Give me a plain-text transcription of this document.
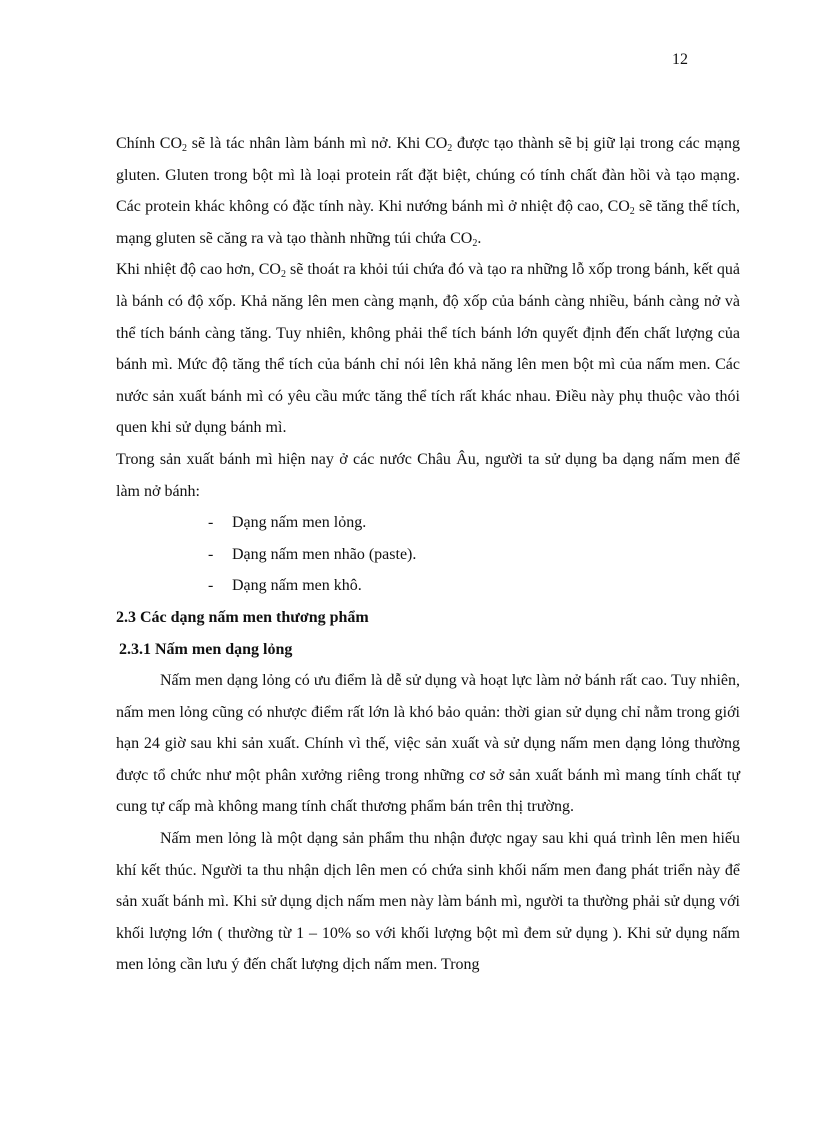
12

Chính $CO_2$ sẽ là tác nhân làm bánh mì nở. Khi $CO_2$ được tạo thành sẽ bị giữ lại trong các mạng gluten. Gluten trong bột mì là loại protein rất đặt biệt, chúng có tính chất đàn hồi và tạo mạng. Các protein khác không có đặc tính này. Khi nướng bánh mì ở nhiệt độ cao, $CO_2$ sẽ tăng thể tích, mạng gluten sẽ căng ra và tạo thành những túi chứa $CO_2$.

Khi nhiệt độ cao hơn, $CO_2$ sẽ thoát ra khỏi túi chứa đó và tạo ra những lỗ xốp trong bánh, kết quả là bánh có độ xốp. Khả năng lên men càng mạnh, độ xốp của bánh càng nhiều, bánh càng nở và thể tích bánh càng tăng. Tuy nhiên, không phải thể tích bánh lớn quyết định đến chất lượng của bánh mì. Mức độ tăng thể tích của bánh chỉ nói lên khả năng lên men bột mì của nấm men. Các nước sản xuất bánh mì có yêu cầu mức tăng thể tích rất khác nhau. Điều này phụ thuộc vào thói quen khi sử dụng bánh mì.

Trong sản xuất bánh mì hiện nay ở các nước Châu Âu, người ta sử dụng ba dạng nấm men để làm nở bánh:

- Dạng nấm men lỏng.
- Dạng nấm men nhão (paste).
- Dạng nấm men khô.

2.3 Các dạng nấm men thương phẩm

2.3.1 Nấm men dạng lỏng

Nấm men dạng lỏng có ưu điểm là dễ sử dụng và hoạt lực làm nở bánh rất cao. Tuy nhiên, nấm men lỏng cũng có nhược điểm rất lớn là khó bảo quản: thời gian sử dụng chỉ nằm trong giới hạn 24 giờ sau khi sản xuất. Chính vì thế, việc sản xuất và sử dụng nấm men dạng lỏng thường được tổ chức như một phân xưởng riêng trong những cơ sở sản xuất bánh mì mang tính chất tự cung tự cấp mà không mang tính chất thương phẩm bán trên thị trường.

Nấm men lỏng là một dạng sản phẩm thu nhận được ngay sau khi quá trình lên men hiếu khí kết thúc. Người ta thu nhận dịch lên men có chứa sinh khối nấm men đang phát triển này để sản xuất bánh mì. Khi sử dụng dịch nấm men này làm bánh mì, người ta thường phải sử dụng với khối lượng lớn ( thường từ 1 – 10% so với khối lượng bột mì đem sử dụng ). Khi sử dụng nấm men lỏng cần lưu ý đến chất lượng dịch nấm men. Trong
